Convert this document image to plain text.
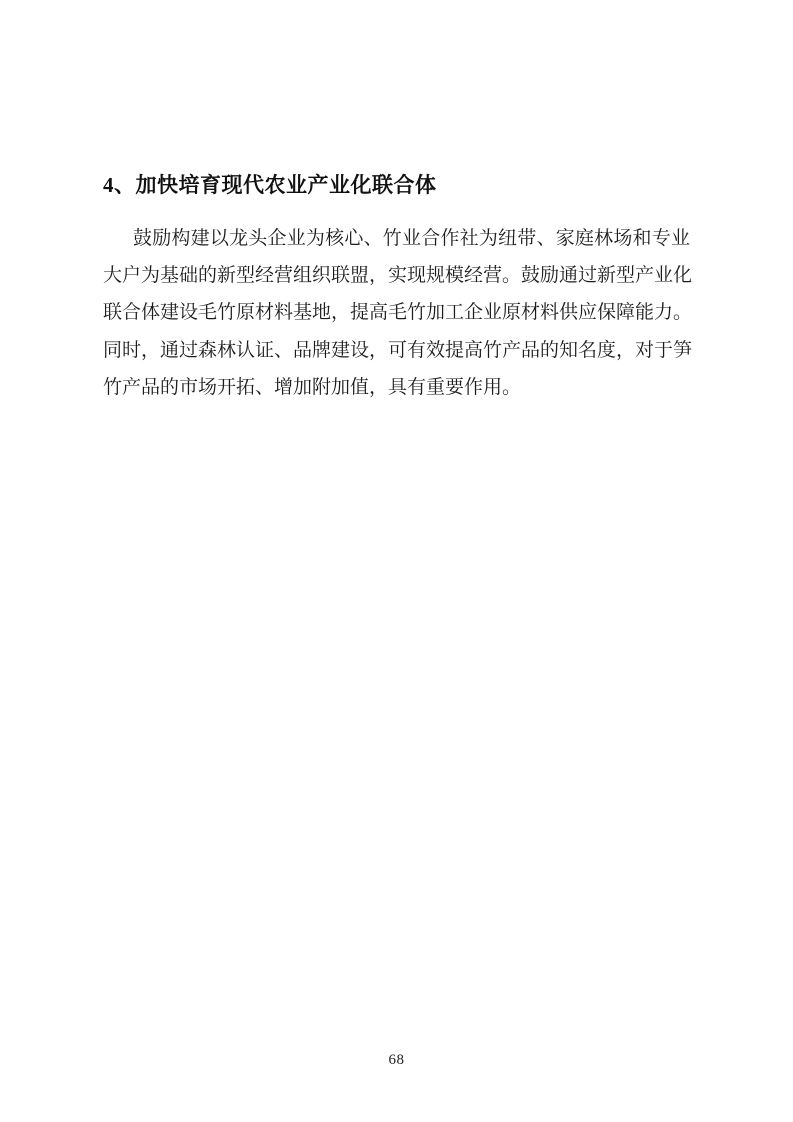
4、加快培育现代农业产业化联合体
鼓励构建以龙头企业为核心、竹业合作社为纽带、家庭林场和专业
大户为基础的新型经营组织联盟，实现规模经营。鼓励通过新型产业化
联合体建设毛竹原材料基地，提高毛竹加工企业原材料供应保障能力。
同时，通过森林认证、品牌建设，可有效提高竹产品的知名度，对于笋
竹产品的市场开拓、增加附加值，具有重要作用。
68
